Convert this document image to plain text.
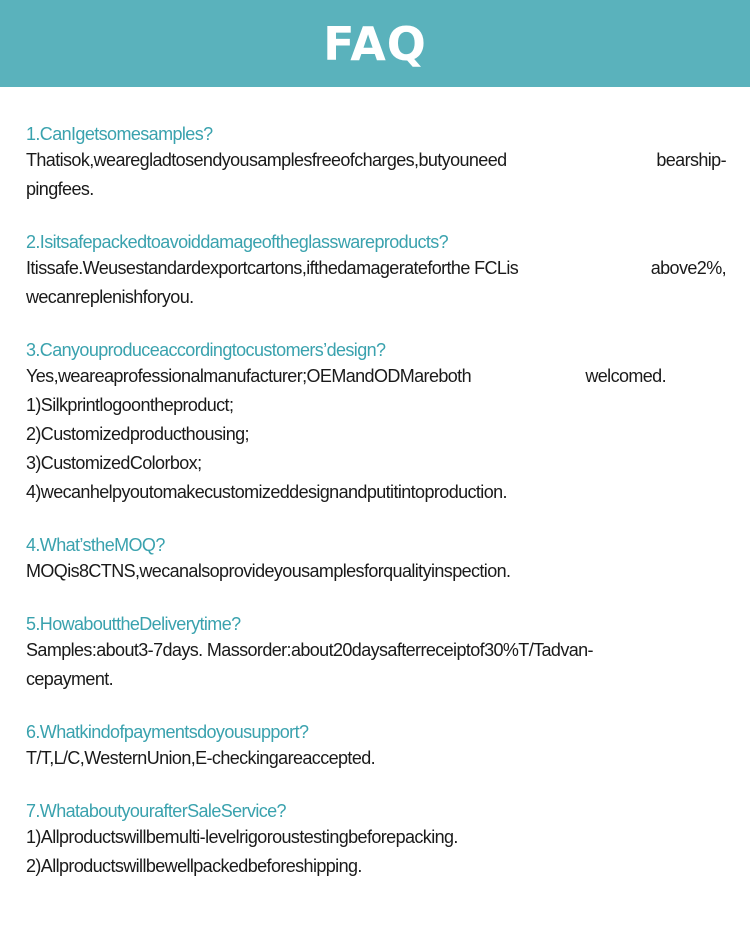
FAQ
1.CanIgetsomesamples?
Thatisok,wearegladtosendyousamplesfreeofcharges,butyouneed	bearship-
pingfees.
2.Isitsafepackedtoavoiddamageoftheglasswareproducts?
Itissafe.Weusestandardexportcartons,ifthedamagerateforthe FCLis	above2%,
wecanreplenishforyou.
3.Canyouproduceaccordingtocustomers’design?
Yes,weareaprofessionalmanufacturer;OEMandODMareboth	welcomed.
1)Silkprintlogoontheproduct;
2)Customizedproducthousing;
3)CustomizedColorbox;
4)wecanhelpyoutomakecustomizeddesignandputitintoproduction.
4.What’stheMOQ?
MOQis8CTNS,wecanalsoprovideyousamplesforqualityinspection.
5.HowabouttheDeliverytime?
Samples:about3-7days. Massorder:about20daysafterreceiptof30%T/Tadvan-
cepayment.
6.Whatkindofpaymentsdoyousupport?
T/T,L/C,WesternUnion,E-checkingareaccepted.
7.WhataboutyourafterSaleService?
1)Allproductswillbemulti-levelrigoroustestingbeforepacking.
2)Allproductswillbewellpackedbeforeshipping.
